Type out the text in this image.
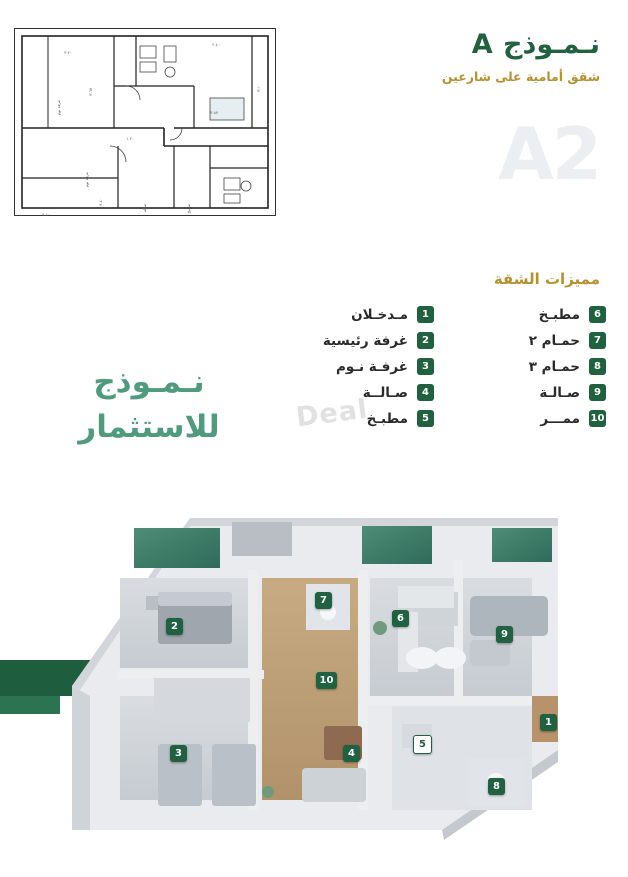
٣.٢٠
غرفة نوم
٣.٦٧
٢.٤٠
٣.١٠
٣.٨٧
غرفة نوم
٣.٤٠
صالة	مطبخ
٥.٤٠
١.٢٠
نـمـوذج A
شقق أمامية على شارعين
A2
مميزات الشقة
6
مطبـخ
7
حمـام ٢
8
حمـام ٣
9
صـالـة
10
ممـــر
1
مـدخـلان
2
غرفة رئيسية
3
غرفـة نـوم
4
صـالــة
5
مطبـخ
نـمـوذج
للاستثمار	Deal
2
7
6
9
10
1
3	4
5
8
